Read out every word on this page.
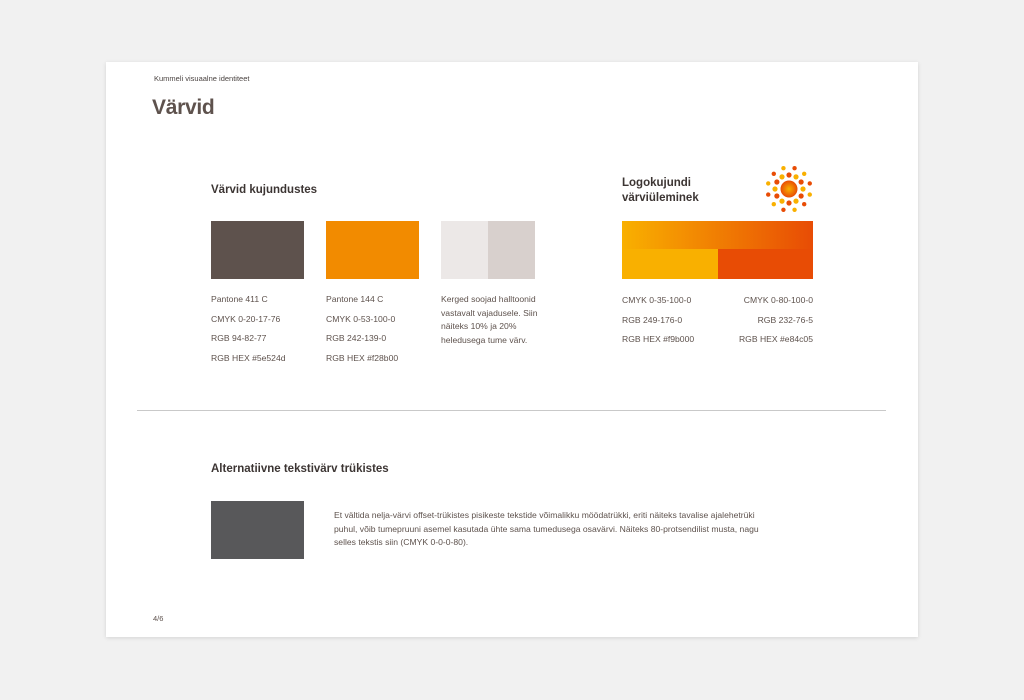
Kummeli visuaalne identiteet
Värvid
Värvid kujundustes
Pantone 411 C
CMYK 0-20-17-76
RGB 94-82-77
RGB HEX #5e524d
Pantone 144 C
CMYK 0-53-100-0
RGB 242-139-0
RGB HEX #f28b00
Kerged soojad halltoonid vastavalt vajadusele. Siin näiteks 10% ja 20% heledusega tume värv.
Logokujundi
värviüleminek
CMYK 0-35-100-0
RGB 249-176-0
RGB HEX #f9b000
CMYK 0-80-100-0
RGB 232-76-5
RGB HEX #e84c05
Alternatiivne tekstivärv trükistes
Et vältida nelja-värvi offset-trükistes pisikeste tekstide võimalikku möödatrükki, eriti näiteks tavalise ajalehetrüki puhul, võib tumepruuni asemel kasutada ühte sama tumedusega osavärvi. Näiteks 80-protsendilist musta, nagu selles tekstis siin (CMYK 0-0-0-80).
4/6
